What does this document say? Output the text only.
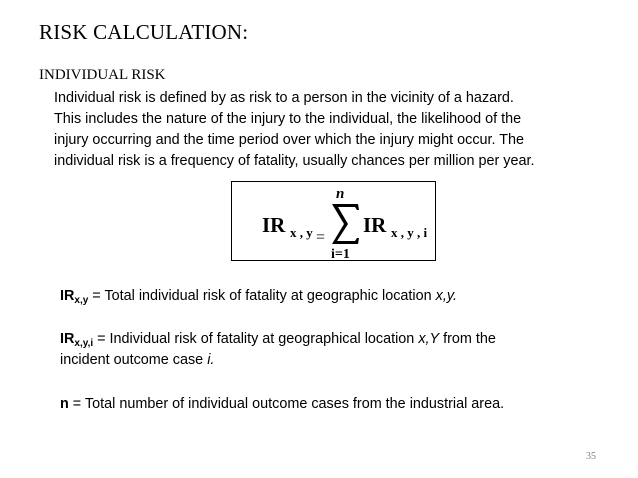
RISK CALCULATION:
INDIVIDUAL RISK
Individual risk is defined by as risk to a person in the vicinity of a hazard.
This includes the nature of the injury to the individual, the likelihood of the
injury occurring and the time period over which the injury might occur. The
individual risk is a frequency of fatality, usually chances per million per year.
IR x , y =
n
i=1
IR x , y , i
$IR_{x,y}$ = Total individual risk of fatality at geographic location x,y.
$IR_{x,y,i}$ = Individual risk of fatality at geographical location x,Y from the
incident outcome case i.
n = Total number of individual outcome cases from the industrial area.
35
